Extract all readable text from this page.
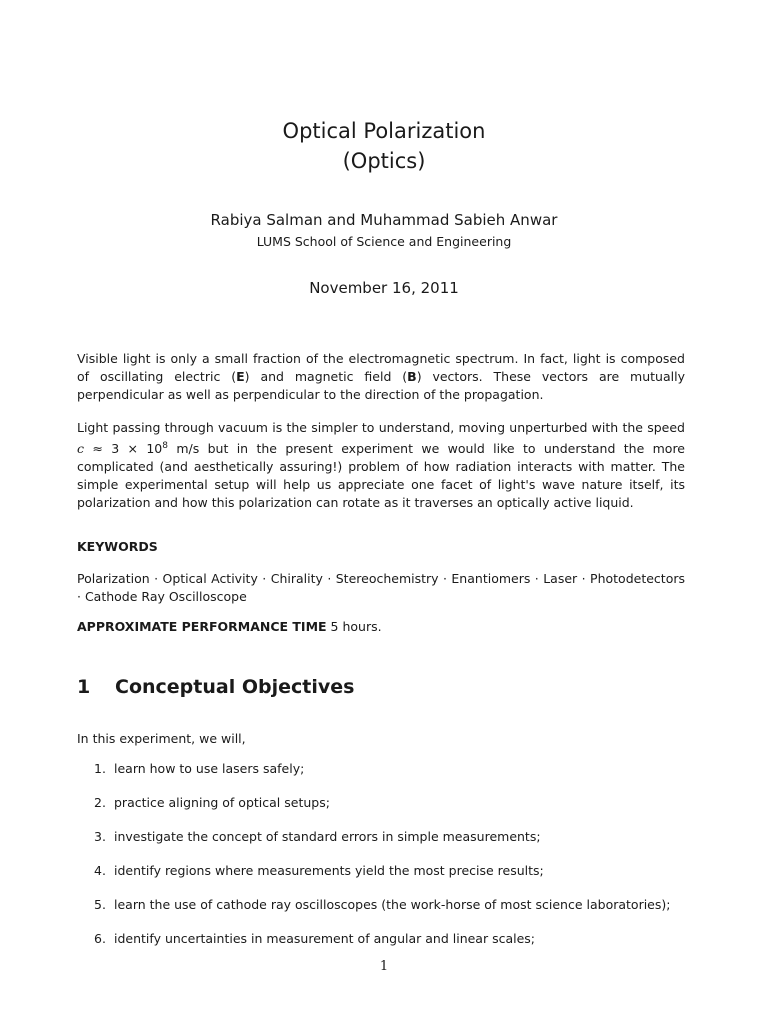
Optical Polarization
(Optics)
Rabiya Salman and Muhammad Sabieh Anwar
LUMS School of Science and Engineering
November 16, 2011

Visible light is only a small fraction of the electromagnetic spectrum. In fact, light is composed of oscillating electric (E) and magnetic field (B) vectors. These vectors are mutually perpendicular as well as perpendicular to the direction of the propagation.

Light passing through vacuum is the simpler to understand, moving unperturbed with the speed $c \approx 3 \times 10^8$ m/s but in the present experiment we would like to understand the more complicated (and aesthetically assuring!) problem of how radiation interacts with matter. The simple experimental setup will help us appreciate one facet of light's wave nature itself, its polarization and how this polarization can rotate as it traverses an optically active liquid.

KEYWORDS

Polarization · Optical Activity · Chirality · Stereochemistry · Enantiomers · Laser · Photodetectors · Cathode Ray Oscilloscope

APPROXIMATE PERFORMANCE TIME 5 hours.

1 Conceptual Objectives
In this experiment, we will,
1. learn how to use lasers safely;
2. practice aligning of optical setups;
3. investigate the concept of standard errors in simple measurements;
4. identify regions where measurements yield the most precise results;
5. learn the use of cathode ray oscilloscopes (the work-horse of most science laboratories);
6. identify uncertainties in measurement of angular and linear scales;
1
